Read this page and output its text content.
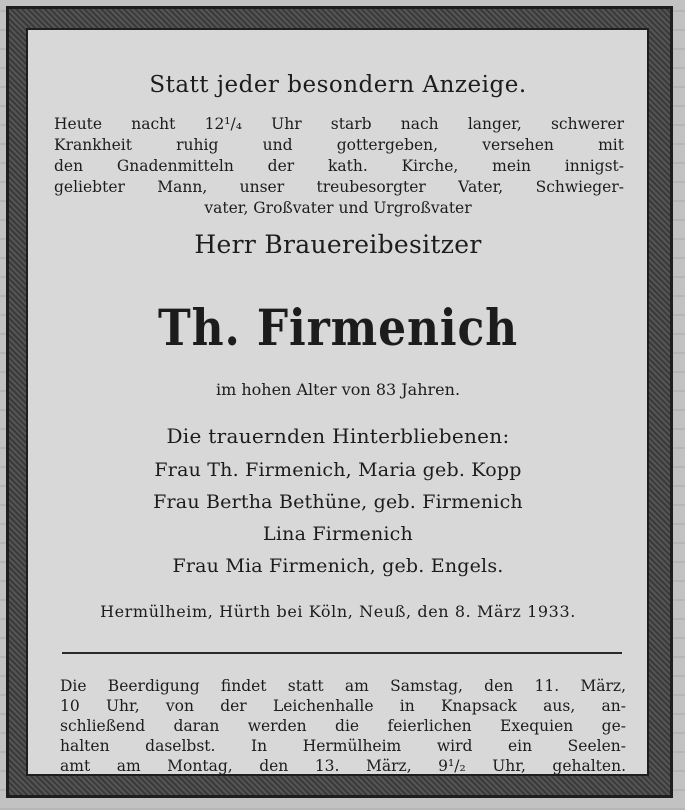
Statt jeder besondern Anzeige.
Heute nacht 12¹/₄ Uhr starb nach langer, schwerer
Krankheit ruhig und gottergeben, versehen mit
den Gnadenmitteln der kath. Kirche, mein innigst-
geliebter Mann, unser treubesorgter Vater, Schwieger-
vater, Großvater und Urgroßvater
Herr Brauereibesitzer
Th. Firmenich
im hohen Alter von 83 Jahren.
Die trauernden Hinterbliebenen:
Frau Th. Firmenich, Maria geb. Kopp
Frau Bertha Bethüne, geb. Firmenich
Lina Firmenich
Frau Mia Firmenich, geb. Engels.
Hermülheim, Hürth bei Köln, Neuß, den 8. März 1933.
Die Beerdigung findet statt am Samstag, den 11. März,
10 Uhr, von der Leichenhalle in Knapsack aus, an-
schließend daran werden die feierlichen Exequien ge-
halten daselbst. In Hermülheim wird ein Seelen-
amt am Montag, den 13. März, 9¹/₂ Uhr, gehalten.
